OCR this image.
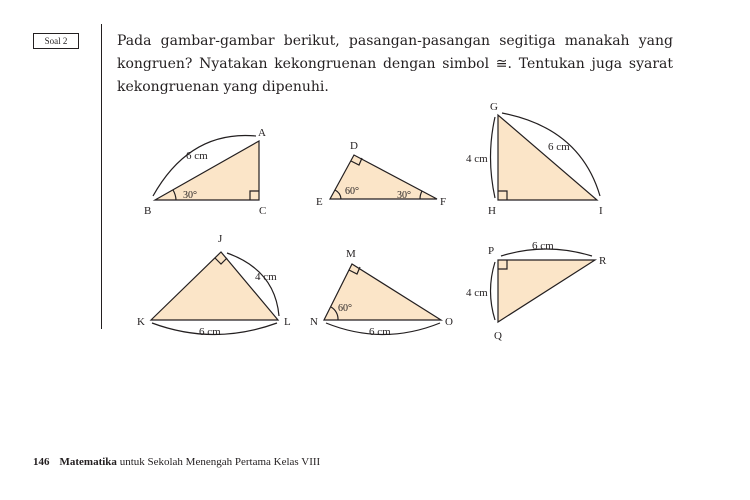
Soal 2	Pada gambar-gambar berikut, pasangan-pasangan segitiga manakah yang kongruen? Nyatakan kekongruenan dengan simbol ≅. Tentukan juga syarat kekongruenan yang dipenuhi.

A
B	C
6 cm
30°
D
E	F
60°	30°
G
H	I
4 cm
6 cm
J
K	L
4 cm
6 cm
M
N	O
60°
6 cm
P
Q
R
6 cm
4 cm
146 Matematika untuk Sekolah Menengah Pertama Kelas VIII
